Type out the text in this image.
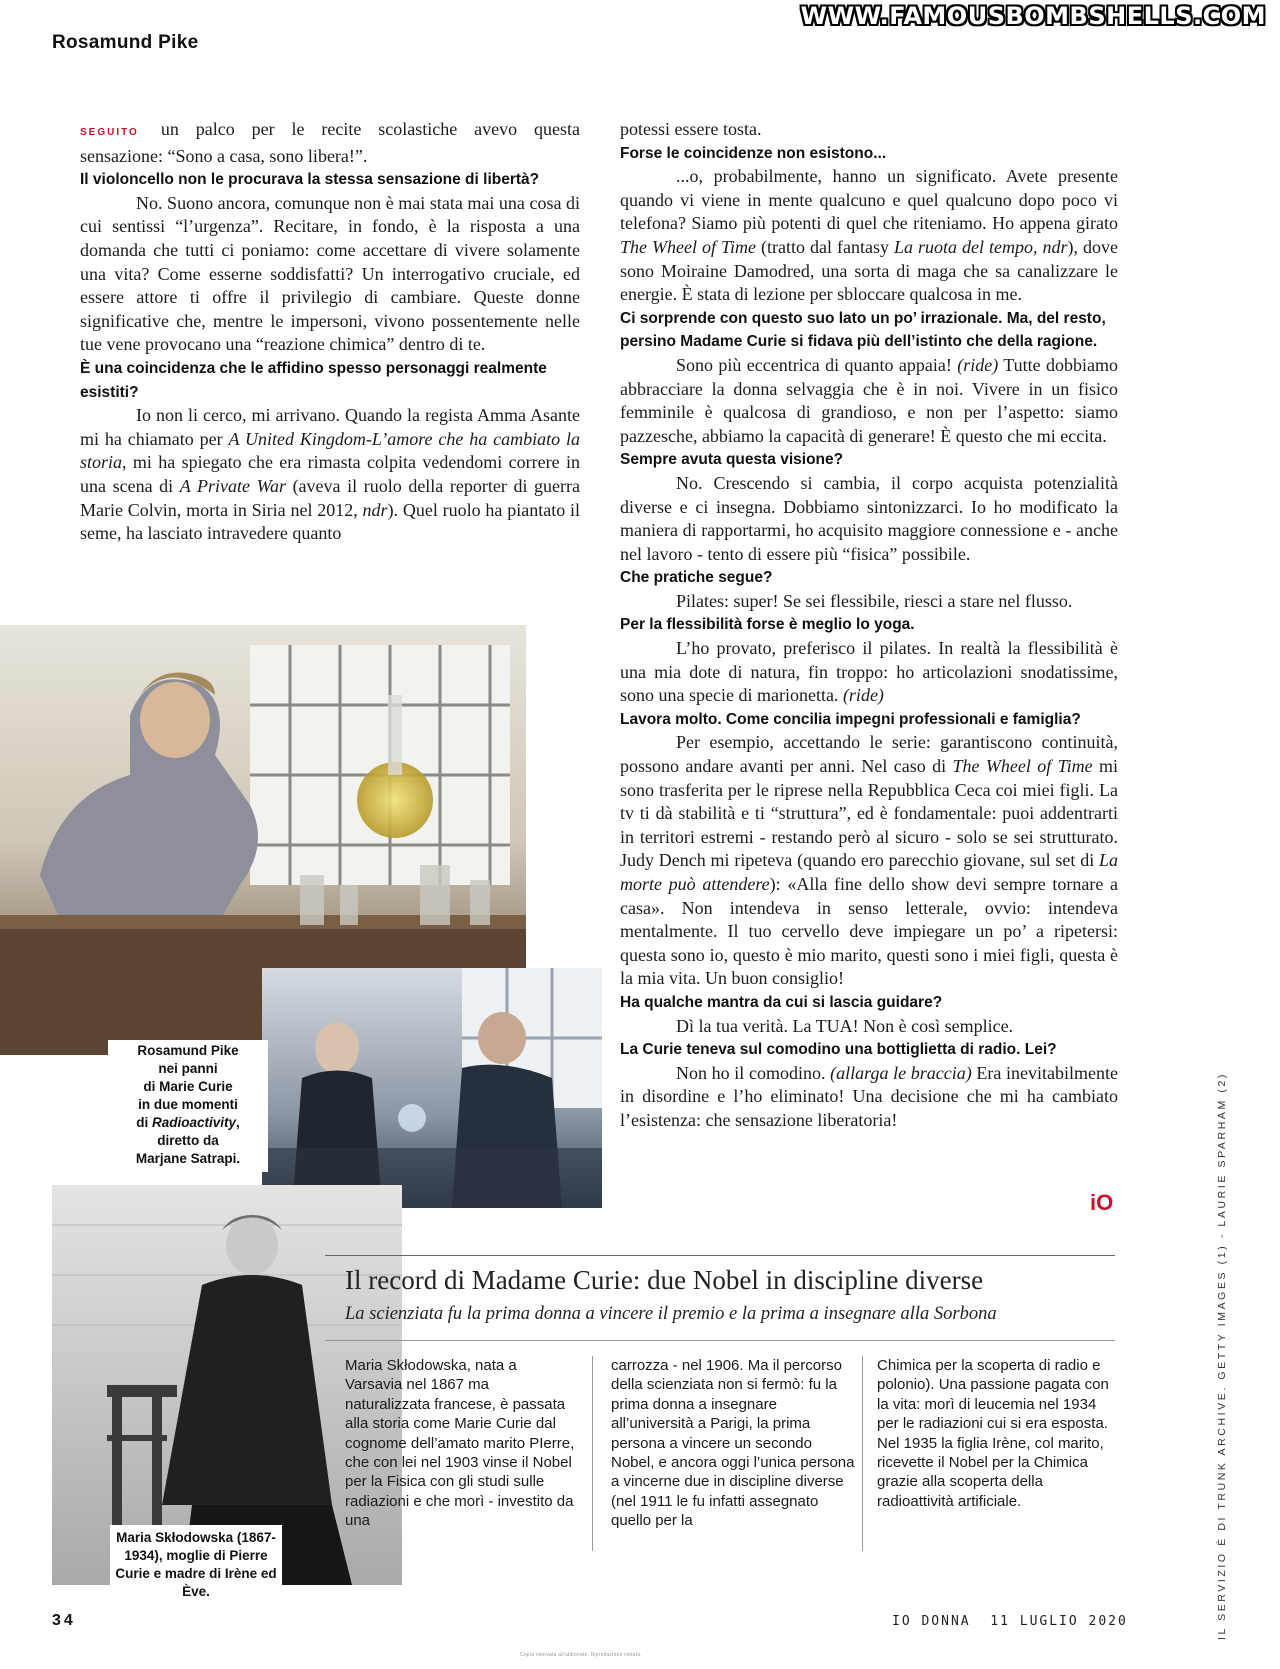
Rosamund Pike
WWW.FAMOUSBOMBSHELLS.COM

SEGUITO un palco per le recite scolastiche avevo questa sensazione: “Sono a casa, sono libera!”.

Il violoncello non le procurava la stessa sensazione di libertà?

No. Suono ancora, comunque non è mai stata mai una cosa di cui sentissi “l’urgenza”. Recitare, in fondo, è la risposta a una domanda che tutti ci poniamo: come accettare di vivere solamente una vita? Come esserne soddisfatti? Un interrogativo cruciale, ed essere attore ti offre il privilegio di cambiare. Queste donne significative che, mentre le impersoni, vivono possentemente nelle tue vene provocano una “reazione chimica” dentro di te.

È una coincidenza che le affidino spesso personaggi realmente esistiti?

Io non li cerco, mi arrivano. Quando la regista Amma Asante mi ha chiamato per A United Kingdom-L’amore che ha cambiato la storia, mi ha spiegato che era rimasta colpita vedendomi correre in una scena di A Private War (aveva il ruolo della reporter di guerra Marie Colvin, morta in Siria nel 2012, ndr). Quel ruolo ha piantato il seme, ha lasciato intravedere quanto

potessi essere tosta.

Forse le coincidenze non esistono...

...o, probabilmente, hanno un significato. Avete presente quando vi viene in mente qualcuno e quel qualcuno dopo poco vi telefona? Siamo più potenti di quel che riteniamo. Ho appena girato The Wheel of Time (tratto dal fantasy La ruota del tempo, ndr), dove sono Moiraine Damodred, una sorta di maga che sa canalizzare le energie. È stata di lezione per sbloccare qualcosa in me.

Ci sorprende con questo suo lato un po’ irrazionale. Ma, del resto, persino Madame Curie si fidava più dell’istinto che della ragione.

Sono più eccentrica di quanto appaia! (ride) Tutte dobbiamo abbracciare la donna selvaggia che è in noi. Vivere in un fisico femminile è qualcosa di grandioso, e non per l’aspetto: siamo pazzesche, abbiamo la capacità di generare! È questo che mi eccita.

Sempre avuta questa visione?

No. Crescendo si cambia, il corpo acquista potenzialità diverse e ci insegna. Dobbiamo sintonizzarci. Io ho modificato la maniera di rapportarmi, ho acquisito maggiore connessione e - anche nel lavoro - tento di essere più “fisica” possibile.

Che pratiche segue?

Pilates: super! Se sei flessibile, riesci a stare nel flusso.

Per la flessibilità forse è meglio lo yoga.

L’ho provato, preferisco il pilates. In realtà la flessibilità è una mia dote di natura, fin troppo: ho articolazioni snodatissime, sono una specie di marionetta. (ride)

Lavora molto. Come concilia impegni professionali e famiglia?

Per esempio, accettando le serie: garantiscono continuità, possono andare avanti per anni. Nel caso di The Wheel of Time mi sono trasferita per le riprese nella Repubblica Ceca coi miei figli. La tv ti dà stabilità e ti “struttura”, ed è fondamentale: puoi addentrarti in territori estremi - restando però al sicuro - solo se sei strutturato. Judy Dench mi ripeteva (quando ero parecchio giovane, sul set di La morte può attendere): «Alla fine dello show devi sempre tornare a casa». Non intendeva in senso letterale, ovvio: intendeva mentalmente. Il tuo cervello deve impiegare un po’ a ripetersi: questa sono io, questo è mio marito, questi sono i miei figli, questa è la mia vita. Un buon consiglio!

Ha qualche mantra da cui si lascia guidare?

Dì la tua verità. La TUA! Non è così semplice.

La Curie teneva sul comodino una bottiglietta di radio. Lei?

Non ho il comodino. (allarga le braccia) Era inevitabilmente in disordine e l’ho eliminato! Una decisione che mi ha cambiato l’esistenza: che sensazione liberatoria!

iO
Rosamund Pike
nei panni
di Marie Curie
in due momenti
di Radioactivity,
diretto da
Marjane Satrapi.
Maria Skłodowska (1867-1934), moglie di Pierre Curie e madre di Irène ed Ève.
Il record di Madame Curie: due Nobel in discipline diverse
La scienziata fu la prima donna a vincere il premio e la prima a insegnare alla Sorbona
Maria Skłodowska, nata a Varsavia nel 1867 ma naturalizzata francese, è passata alla storia come Marie Curie dal cognome dell’amato marito PIerre, che con lei nel 1903 vinse il Nobel per la Fisica con gli studi sulle radiazioni e che morì - investito da una
carrozza - nel 1906. Ma il percorso della scienziata non si fermò: fu la prima donna a insegnare all’università a Parigi, la prima persona a vincere un secondo Nobel, e ancora oggi l’unica persona a vincerne due in discipline diverse (nel 1911 le fu infatti assegnato quello per la
Chimica per la scoperta di radio e polonio). Una passione pagata con la vita: morì di leucemia nel 1934 per le radiazioni cui si era esposta. Nel 1935 la figlia Irène, col marito, ricevette il Nobel per la Chimica grazie alla scoperta della radioattività artificiale.
34	IO DONNA  11 LUGLIO 2020	IL SERVIZIO È DI TRUNK ARCHIVE. GETTY IMAGES (1) - LAURIE SPARHAM (2)
Copia riservata all'abbonato. Riproduzione vietata.
